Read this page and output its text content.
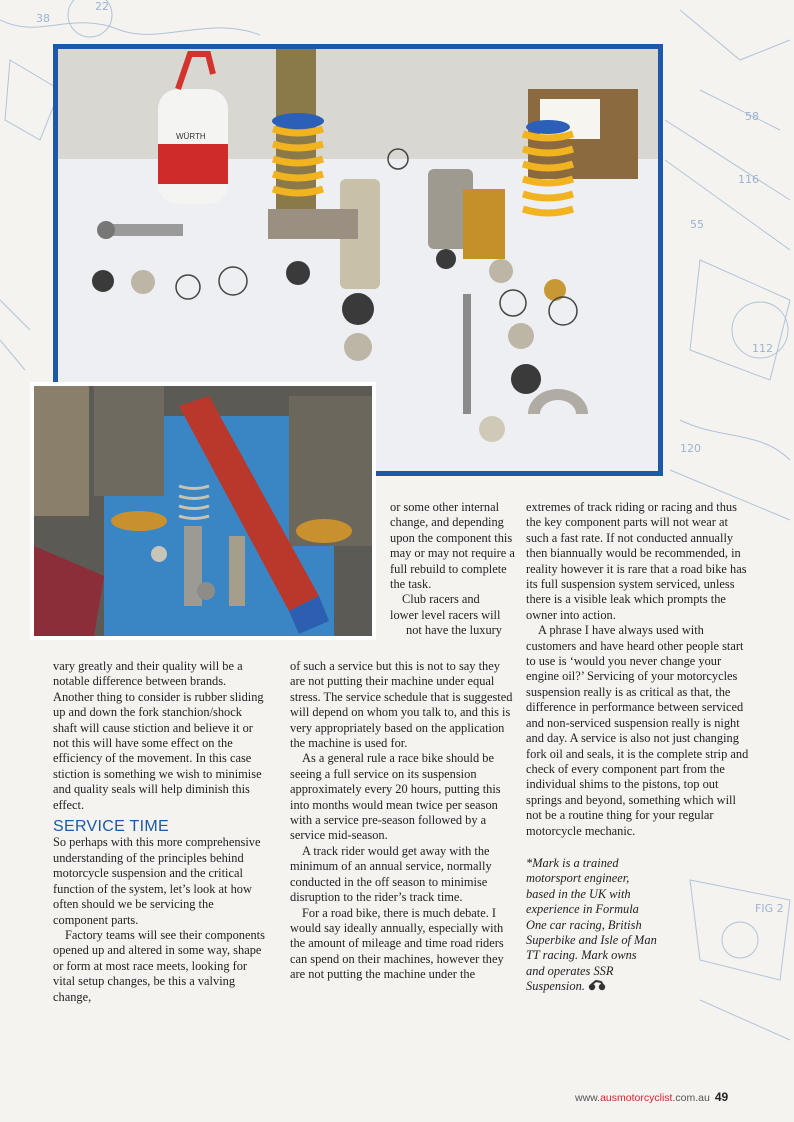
38
22
58
116
55
112
120
FIG 2
WÜRTH

vary greatly and their quality will be a notable difference between brands. Another thing to consider is rubber sliding up and down the fork stanchion/shock shaft will cause stiction and believe it or not this will have some effect on the efficiency of the movement. In this case stiction is something we wish to minimise and quality seals will help diminish this effect.

SERVICE TIME

So perhaps with this more comprehensive understanding of the principles behind motorcycle suspension and the critical function of the system, let’s look at how often should we be servicing the component parts.

Factory teams will see their components opened up and altered in some way, shape or form at most race meets, looking for vital setup changes, be this a valving change,

or some other internal change, and depending upon the component this may or may not require a full rebuild to complete the task.

Club racers and

lower level racers will

not have the luxury

of such a service but this is not to say they are not putting their machine under equal stress. The service schedule that is suggested will depend on whom you talk to, and this is very appropriately based on the application the machine is used for.

As a general rule a race bike should be seeing a full service on its suspension approximately every 20 hours, putting this into months would mean twice per season with a service pre-season followed by a service mid-season.

A track rider would get away with the minimum of an annual service, normally conducted in the off season to minimise disruption to the rider’s track time.

For a road bike, there is much debate. I would say ideally annually, especially with the amount of mileage and time road riders can spend on their machines, however they are not putting the machine under the

extremes of track riding or racing and thus the key component parts will not wear at such a fast rate. If not conducted annually then biannually would be recommended, in reality however it is rare that a road bike has its full suspension system serviced, unless there is a visible leak which prompts the owner into action.

A phrase I have always used with customers and have heard other people start to use is ‘would you never change your engine oil?’ Servicing of your motorcycles suspension really is as critical as that, the difference in performance between serviced and non-serviced suspension really is night and day. A service is also not just changing fork oil and seals, it is the complete strip and check of every component part from the individual shims to the pistons, top out springs and beyond, something which will not be a routine thing for your regular motorcycle mechanic.

*Mark is a trained motorsport engineer, based in the UK with experience in Formula One car racing, British Superbike and Isle of Man TT racing. Mark owns and operates SSR Suspension.

www.ausmotorcyclist.com.au 49
